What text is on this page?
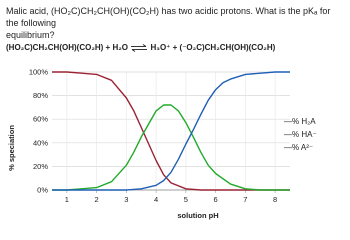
Malic acid, (HO₂C)CH₂CH(OH)(CO₂H) has two acidic protons. What is the pKₐ for the following
equilibrium?
(HO₂C)CH₂CH(OH)(CO₂H) + H₂O ⇌ H₃O⁺ + (⁻O₂C)CH₂CH(OH)(CO₂H)
0%
20%
40%
60%
80%
100%
1	2	3	4	5	6	7	8
% speciation
solution pH
—% H₂A
—% HA⁻
—% A²⁻
